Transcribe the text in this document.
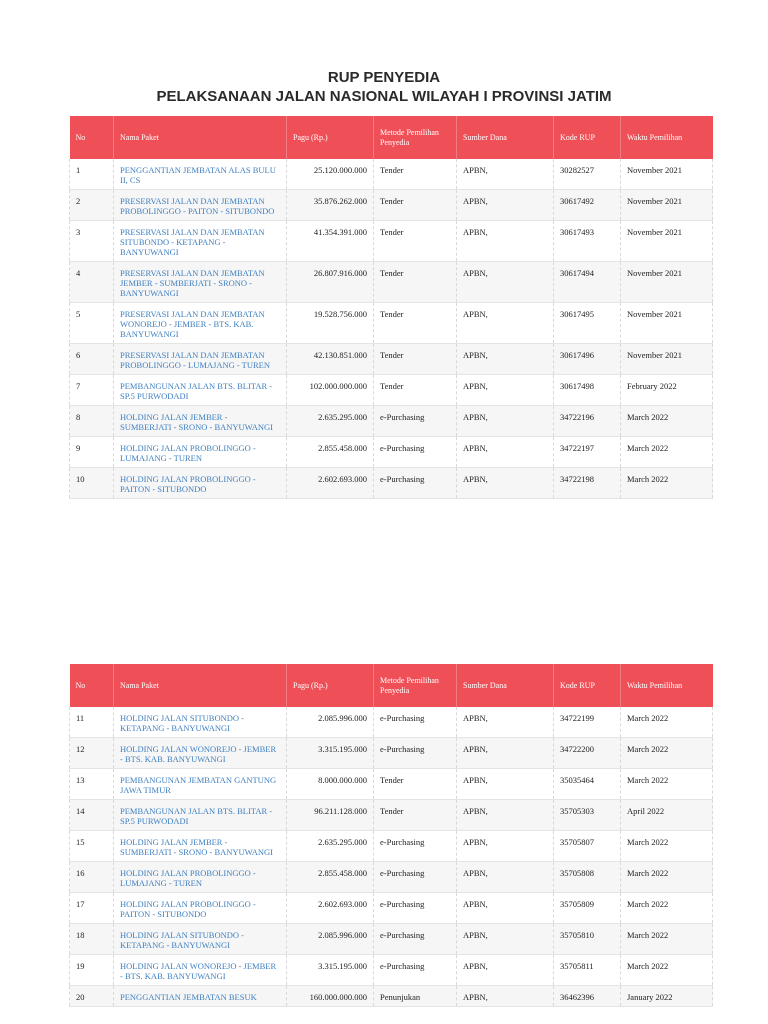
RUP PENYEDIA
PELAKSANAAN JALAN NASIONAL WILAYAH I PROVINSI JATIM
No	Nama Paket	Pagu (Rp.)	Metode Pemilihan Penyedia	Sumber Dana	Kode RUP	Waktu Pemilihan
1	PENGGANTIAN JEMBATAN ALAS BULU II, CS	25.120.000.000	Tender	APBN,	30282527	November 2021
2	PRESERVASI JALAN DAN JEMBATAN PROBOLINGGO - PAITON - SITUBONDO	35.876.262.000	Tender	APBN,	30617492	November 2021
3	PRESERVASI JALAN DAN JEMBATAN SITUBONDO - KETAPANG - BANYUWANGI	41.354.391.000	Tender	APBN,	30617493	November 2021
4	PRESERVASI JALAN DAN JEMBATAN JEMBER - SUMBERJATI - SRONO - BANYUWANGI	26.807.916.000	Tender	APBN,	30617494	November 2021
5	PRESERVASI JALAN DAN JEMBATAN WONOREJO - JEMBER - BTS. KAB. BANYUWANGI	19.528.756.000	Tender	APBN,	30617495	November 2021
6	PRESERVASI JALAN DAN JEMBATAN PROBOLINGGO - LUMAJANG - TUREN	42.130.851.000	Tender	APBN,	30617496	November 2021
7	PEMBANGUNAN JALAN BTS. BLITAR - SP.5 PURWODADI	102.000.000.000	Tender	APBN,	30617498	February 2022
8	HOLDING JALAN JEMBER - SUMBERJATI - SRONO - BANYUWANGI	2.635.295.000	e-Purchasing	APBN,	34722196	March 2022
9	HOLDING JALAN PROBOLINGGO - LUMAJANG - TUREN	2.855.458.000	e-Purchasing	APBN,	34722197	March 2022
10	HOLDING JALAN PROBOLINGGO - PAITON - SITUBONDO	2.602.693.000	e-Purchasing	APBN,	34722198	March 2022
No	Nama Paket	Pagu (Rp.)	Metode Pemilihan Penyedia	Sumber Dana	Kode RUP	Waktu Pemilihan
11	HOLDING JALAN SITUBONDO - KETAPANG - BANYUWANGI	2.085.996.000	e-Purchasing	APBN,	34722199	March 2022
12	HOLDING JALAN WONOREJO - JEMBER - BTS. KAB. BANYUWANGI	3.315.195.000	e-Purchasing	APBN,	34722200	March 2022
13	PEMBANGUNAN JEMBATAN GANTUNG JAWA TIMUR	8.000.000.000	Tender	APBN,	35035464	March 2022
14	PEMBANGUNAN JALAN BTS. BLITAR - SP.5 PURWODADI	96.211.128.000	Tender	APBN,	35705303	April 2022
15	HOLDING JALAN JEMBER - SUMBERJATI - SRONO - BANYUWANGI	2.635.295.000	e-Purchasing	APBN,	35705807	March 2022
16	HOLDING JALAN PROBOLINGGO - LUMAJANG - TUREN	2.855.458.000	e-Purchasing	APBN,	35705808	March 2022
17	HOLDING JALAN PROBOLINGGO - PAITON - SITUBONDO	2.602.693.000	e-Purchasing	APBN,	35705809	March 2022
18	HOLDING JALAN SITUBONDO - KETAPANG - BANYUWANGI	2.085.996.000	e-Purchasing	APBN,	35705810	March 2022
19	HOLDING JALAN WONOREJO - JEMBER - BTS. KAB. BANYUWANGI	3.315.195.000	e-Purchasing	APBN,	35705811	March 2022
20	PENGGANTIAN JEMBATAN BESUK	160.000.000.000	Penunjukan	APBN,	36462396	January 2022
